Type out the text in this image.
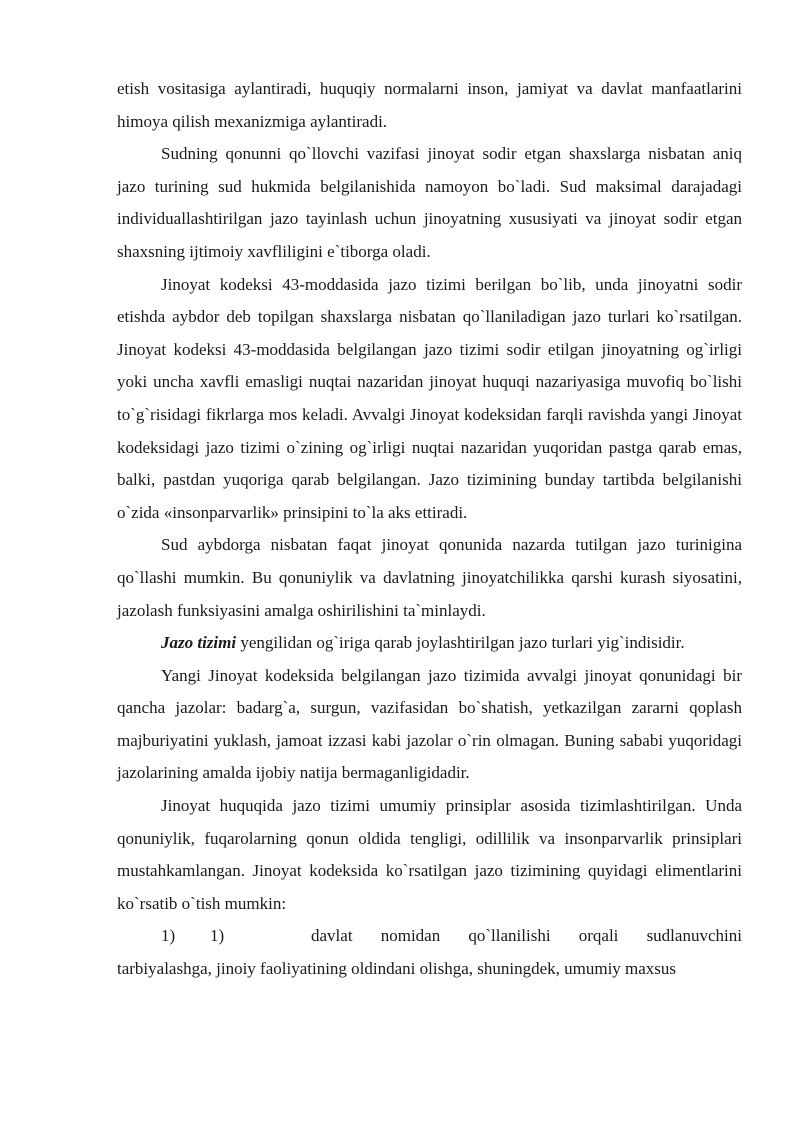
etish vositasiga aylantiradi, huquqiy normalarni inson, jamiyat va davlat manfaatlarini himoya qilish mexanizmiga aylantiradi.

Sudning qonunni qo`llovchi vazifasi jinoyat sodir etgan shaxslarga nisbatan aniq jazo turining sud hukmida belgilanishida namoyon bo`ladi. Sud maksimal darajadagi individuallashtirilgan jazo tayinlash uchun jinoyatning xususiyati va jinoyat sodir etgan shaxsning ijtimoiy xavfliligini e`tiborga oladi.

Jinoyat kodeksi 43-moddasida jazo tizimi berilgan bo`lib, unda jinoyatni sodir etishda aybdor deb topilgan shaxslarga nisbatan qo`llaniladigan jazo turlari ko`rsatilgan. Jinoyat kodeksi 43-moddasida belgilangan jazo tizimi sodir etilgan jinoyatning og`irligi yoki uncha xavfli emasligi nuqtai nazaridan jinoyat huquqi nazariyasiga muvofiq bo`lishi to`g`risidagi fikrlarga mos keladi. Avvalgi Jinoyat kodeksidan farqli ravishda yangi Jinoyat kodeksidagi jazo tizimi o`zining og`irligi nuqtai nazaridan yuqoridan pastga qarab emas, balki, pastdan yuqoriga qarab belgilangan. Jazo tizimining bunday tartibda belgilanishi o`zida «insonparvarlik» prinsipini to`la aks ettiradi.

Sud aybdorga nisbatan faqat jinoyat qonunida nazarda tutilgan jazo turinigina qo`llashi mumkin. Bu qonuniylik va davlatning jinoyatchilikka qarshi kurash siyosatini, jazolash funksiyasini amalga oshirilishini ta`minlaydi.

Jazo tizimi yengilidan og`iriga qarab joylashtirilgan jazo turlari yig`indisidir.

Yangi Jinoyat kodeksida belgilangan jazo tizimida avvalgi jinoyat qonunidagi bir qancha jazolar: badarg`a, surgun, vazifasidan bo`shatish, yetkazilgan zararni qoplash majburiyatini yuklash, jamoat izzasi kabi jazolar o`rin olmagan. Buning sababi yuqoridagi jazolarining amalda ijobiy natija bermaganligidadir.

Jinoyat huquqida jazo tizimi umumiy prinsiplar asosida tizimlashtirilgan. Unda qonuniylik, fuqarolarning qonun oldida tengligi, odillilik va insonparvarlik prinsiplari mustahkamlangan. Jinoyat kodeksida ko`rsatilgan jazo tizimining quyidagi elimentlarini ko`rsatib o`tish mumkin:

1)	1)	davlat nomidan qo`llanilishi orqali sudlanuvchini
tarbiyalashga, jinoiy faoliyatining oldindani olishga, shuningdek, umumiy maxsus
